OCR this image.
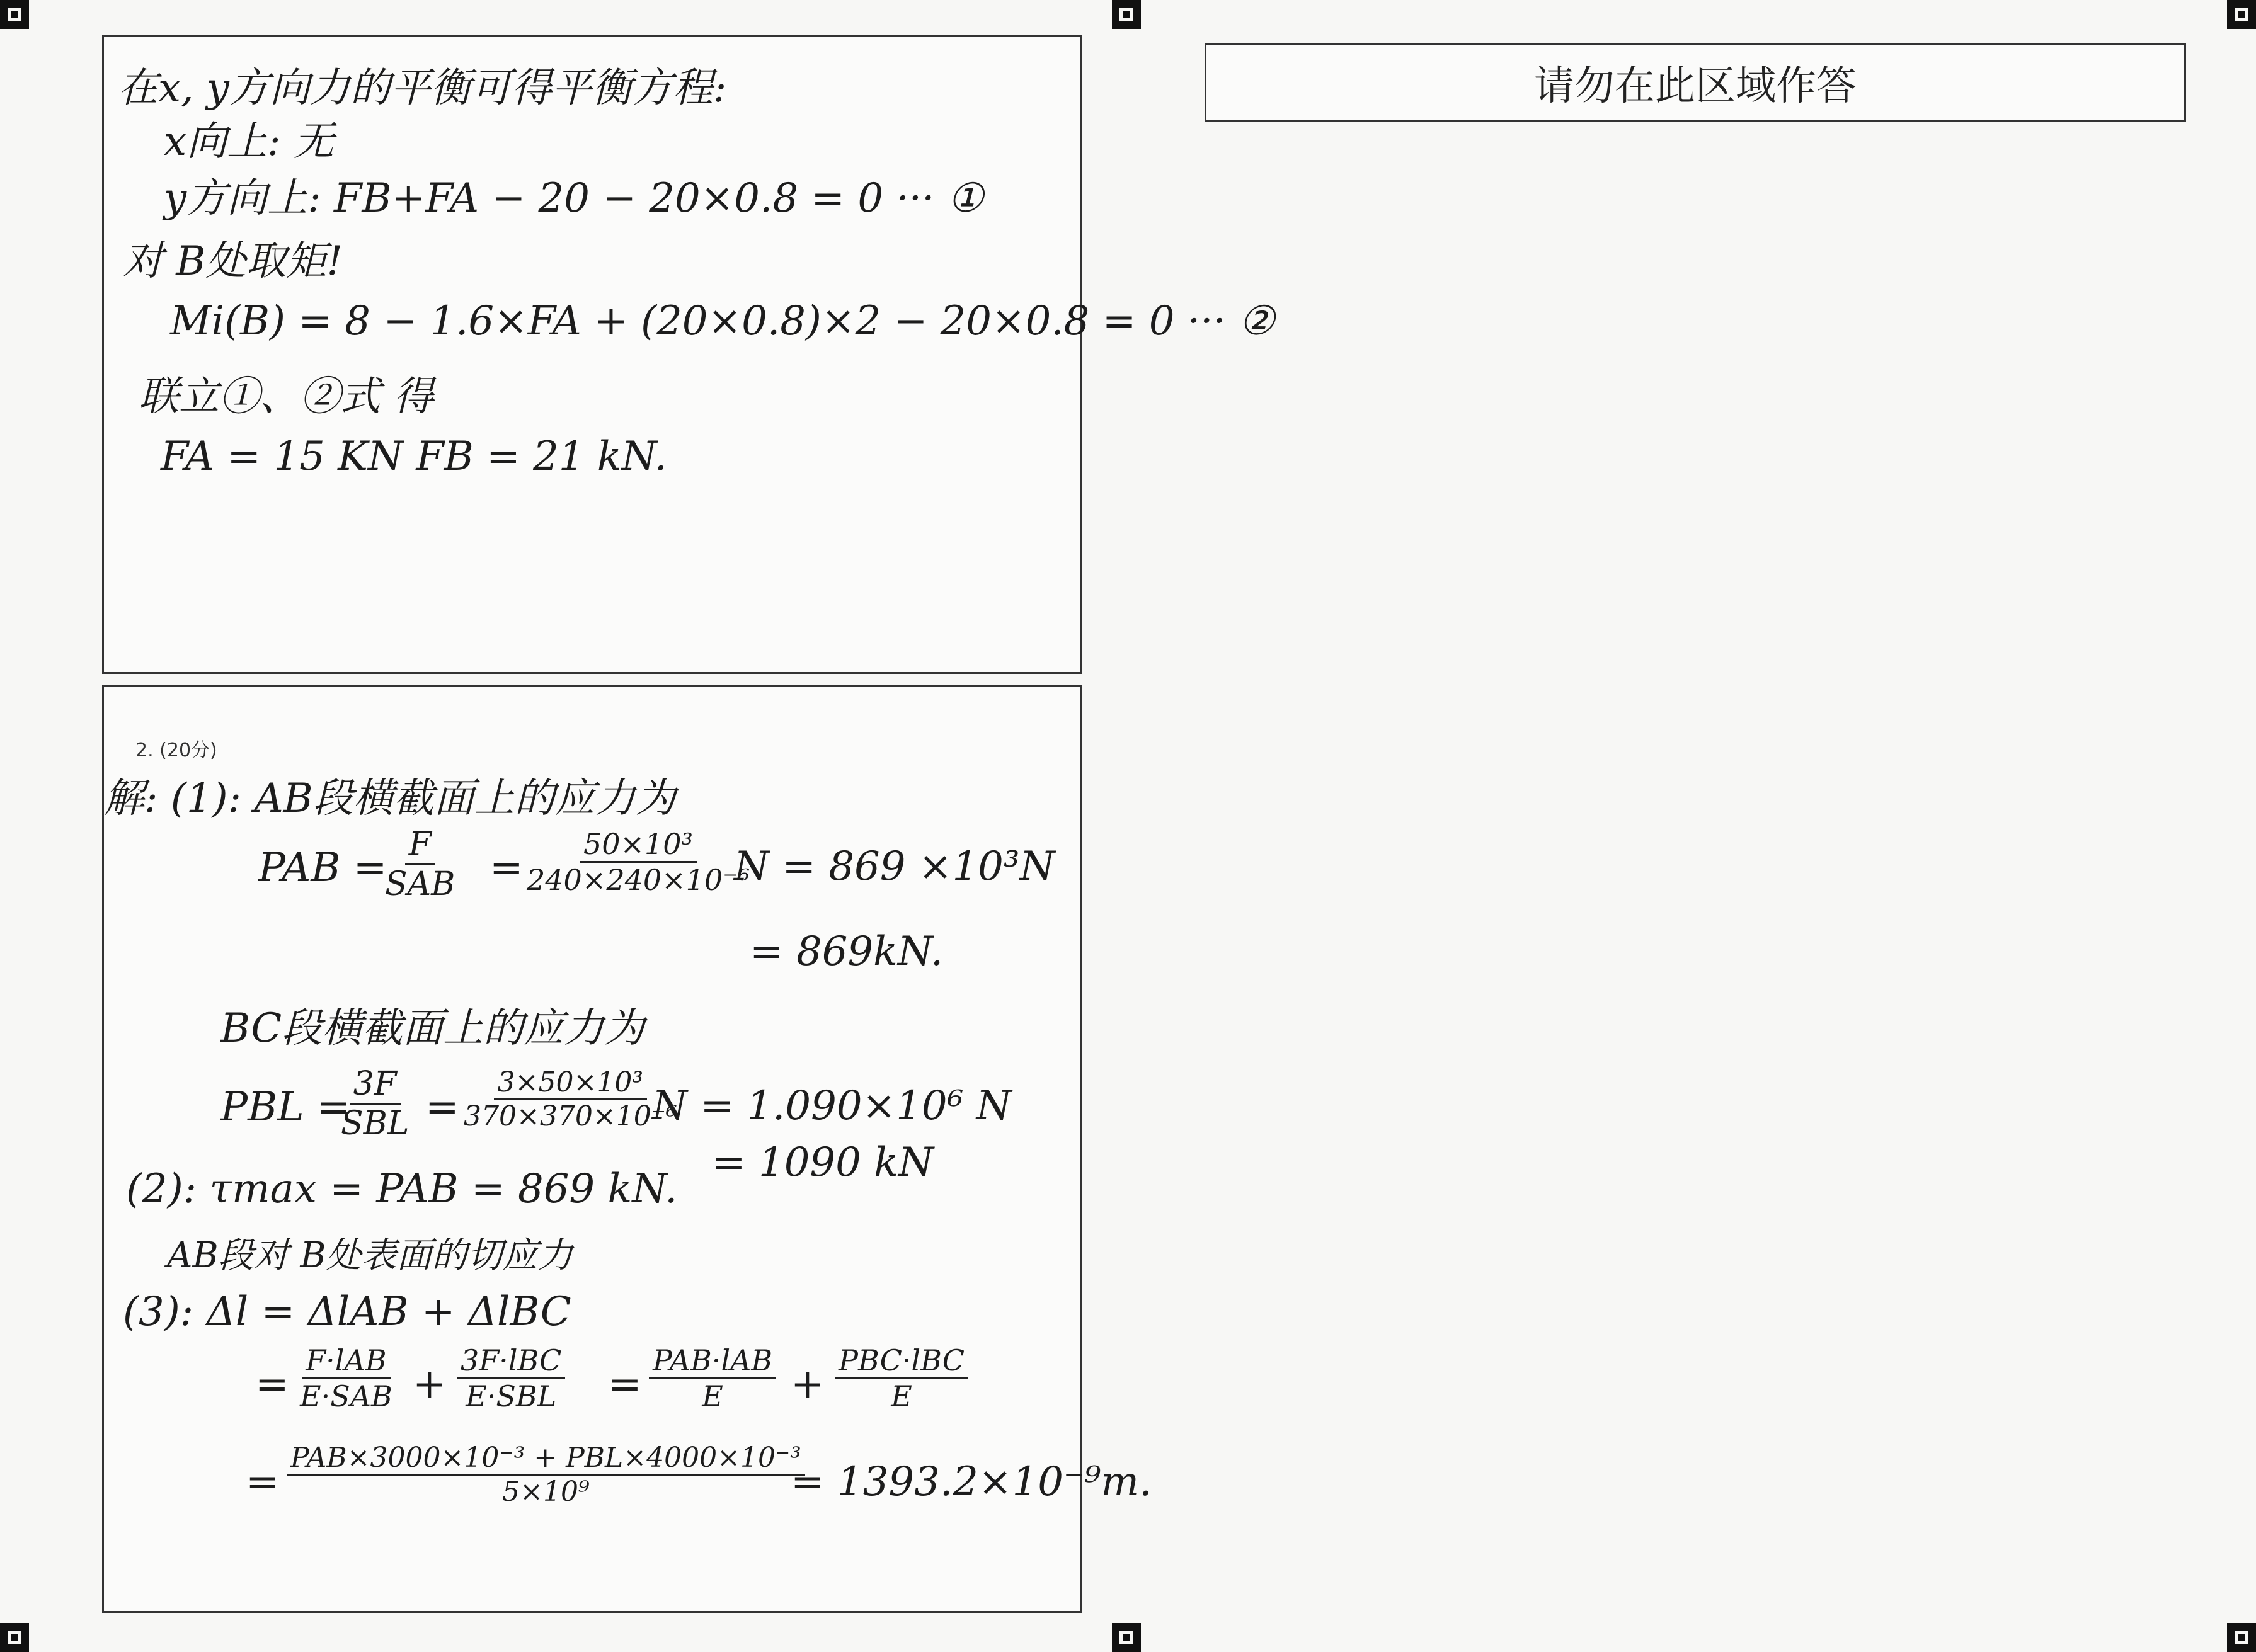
在x, y方向力的平衡可得平衡方程:
x向上: 无
y方向上: FB+FA − 20 − 20×0.8 = 0 ··· ①
对 B处取矩!
Mi(B) = 8 − 1.6×FA + (20×0.8)×2 − 20×0.8 = 0 ··· ②
联立①、②式 得
FA = 15 KN FB = 21 kN.
2. (20分)
解: (1): AB段横截面上的应力为
PAB = F
SAB = $\frac{\text{50×10³}}{\text{240×240×10⁻⁶}}$
N = 869 ×10³N
= 869kN.
BC段横截面上的应力为
PBL = 3F
SBL = $\frac{\text{3×50×10³}}{\text{370×370×10⁻⁶}}$
N = 1.090×10⁶ N
= 1090 kN
(2): τmax = PAB = 869 kN.
AB段对 B处表面的切应力
(3): Δl = ΔlAB + ΔlBC
=
F·lAB
E·SAB +
3F·lBC
E·SBL =
PAB·lAB
E +
PBC·lBC
E
=
PAB×3000×10⁻³ + PBL×4000×10⁻³
5×10⁹	= 1393.2×10⁻⁹m.
请勿在此区域作答
